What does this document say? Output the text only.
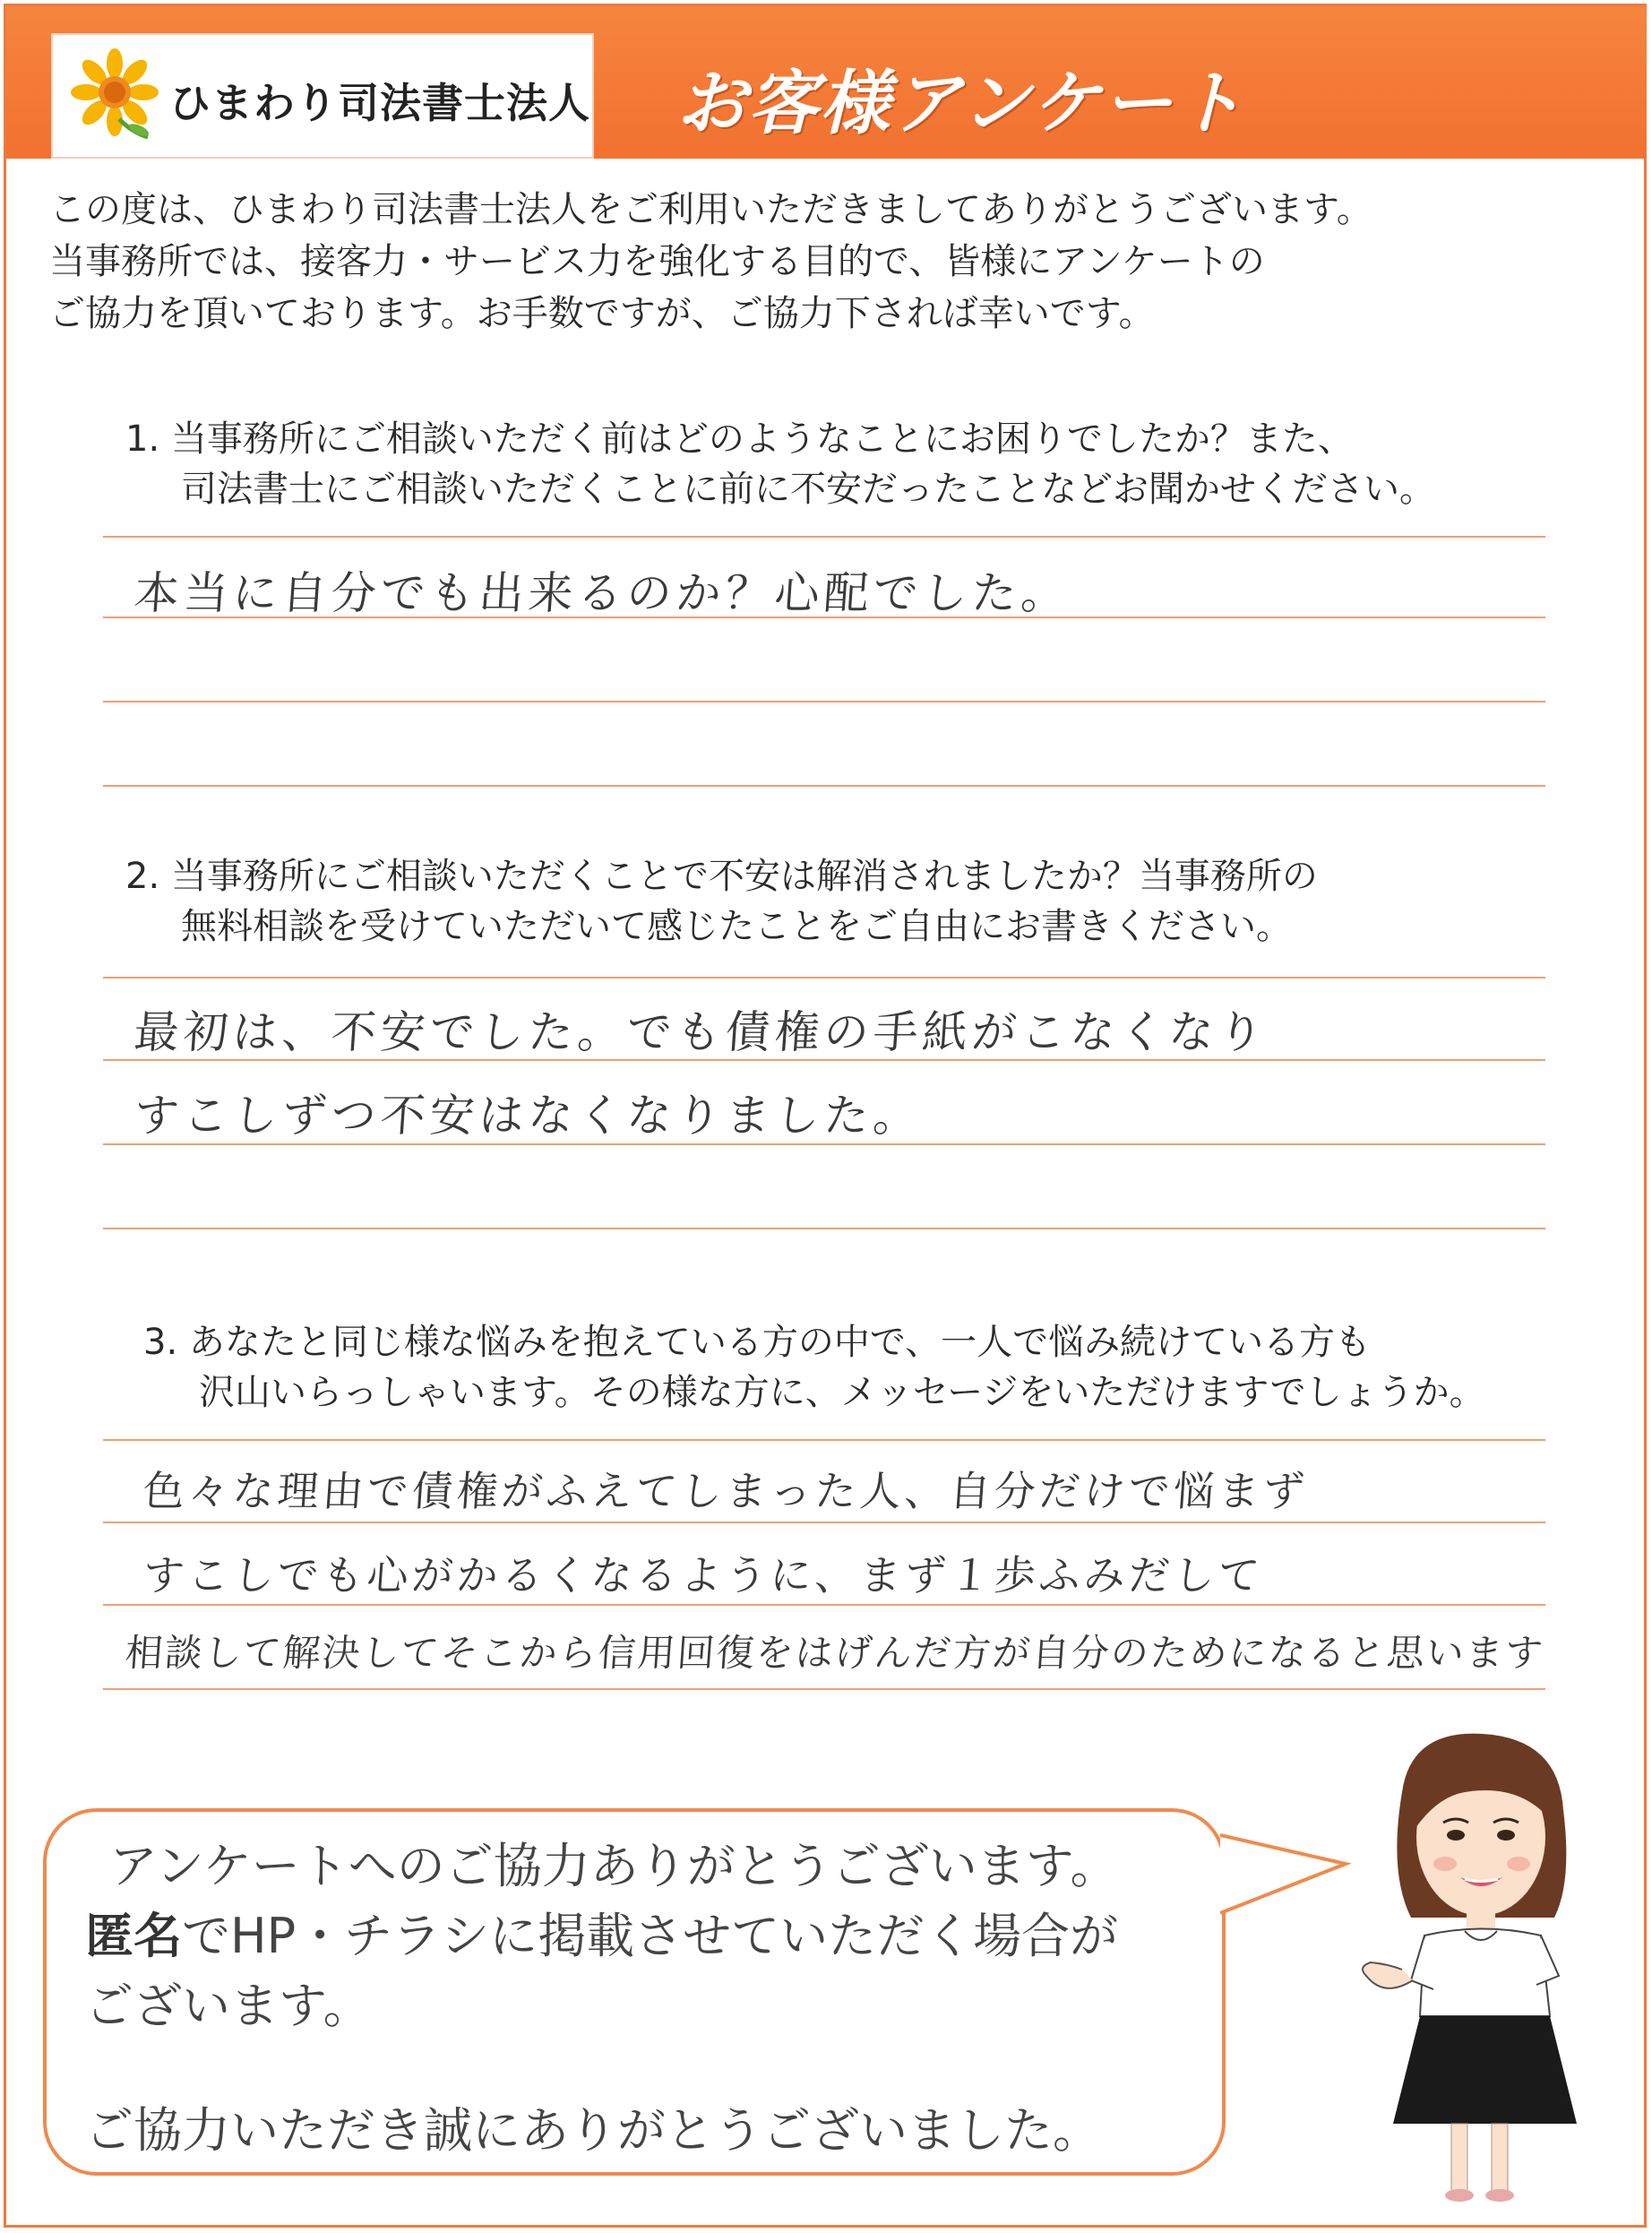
ひまわり司法書士法人 お客様アンケート
この度は、ひまわり司法書士法人をご利用いただきましてありがとうございます。
当事務所では、接客力・サービス力を強化する目的で、皆様にアンケートの
ご協力を頂いております。お手数ですが、ご協力下されば幸いです。
1. 当事務所にご相談いただく前はどのようなことにお困りでしたか？また、
司法書士にご相談いただくことに前に不安だったことなどお聞かせください。
本当に自分でも出来るのか？心配でした。
2. 当事務所にご相談いただくことで不安は解消されましたか？当事務所の
無料相談を受けていただいて感じたことをご自由にお書きください。
最初は、不安でした。でも債権の手紙がこなくなり
すこしずつ不安はなくなりました。
3. あなたと同じ様な悩みを抱えている方の中で、一人で悩み続けている方も
沢山いらっしゃいます。その様な方に、メッセージをいただけますでしょうか。
色々な理由で債権がふえてしまった人、自分だけで悩まず
すこしでも心がかるくなるように、まず１歩ふみだして
相談して解決してそこから信用回復をはげんだ方が自分のためになると思います
アンケートへのご協力ありがとうございます。
匿名でHP・チラシに掲載させていただく場合が
ございます。
ご協力いただき誠にありがとうございました。
